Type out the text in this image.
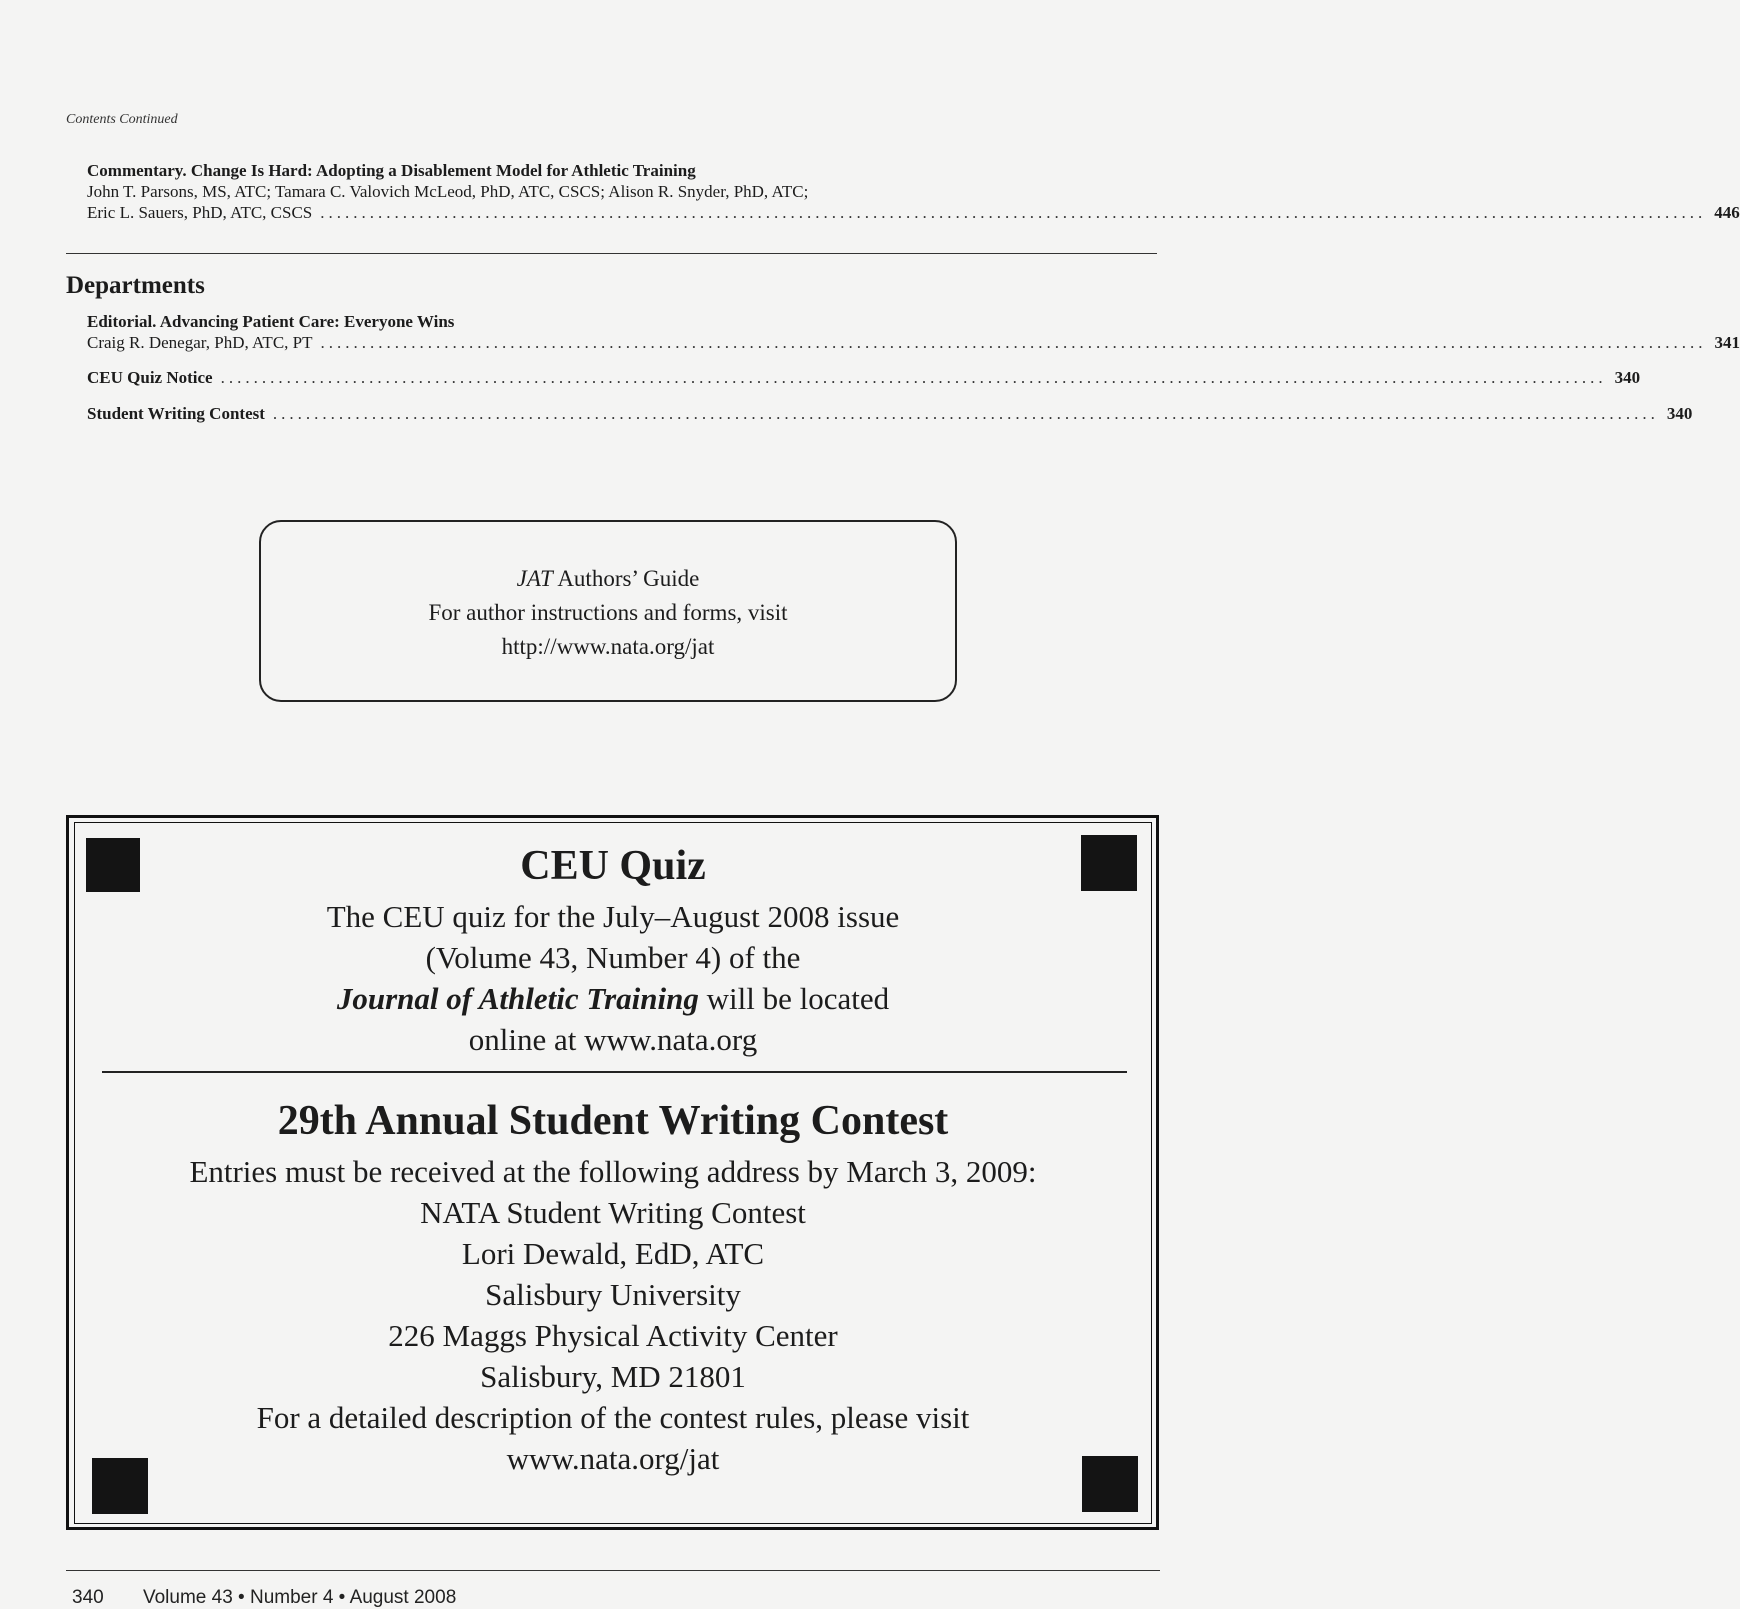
Contents Continued
Commentary. Change Is Hard: Adopting a Disablement Model for Athletic Training
John T. Parsons, MS, ATC; Tamara C. Valovich McLeod, PhD, ATC, CSCS; Alison R. Snyder, PhD, ATC;
Eric L. Sauers, PhD, ATC, CSCS ........................................................................................................................................................................ 446
Departments
Editorial. Advancing Patient Care: Everyone Wins
Craig R. Denegar, PhD, ATC, PT ........................................................................................................................................................................ 341
CEU Quiz Notice ........................................................................................................................................................................ 340
Student Writing Contest ........................................................................................................................................................................ 340
JAT Authors’ Guide
For author instructions and forms, visit
http://www.nata.org/jat
CEU Quiz
The CEU quiz for the July–August 2008 issue
(Volume 43, Number 4) of the
Journal of Athletic Training will be located
online at www.nata.org
29th Annual Student Writing Contest
Entries must be received at the following address by March 3, 2009:
NATA Student Writing Contest
Lori Dewald, EdD, ATC
Salisbury University
226 Maggs Physical Activity Center
Salisbury, MD 21801
For a detailed description of the contest rules, please visit
www.nata.org/jat
340 Volume 43 • Number 4 • August 2008
